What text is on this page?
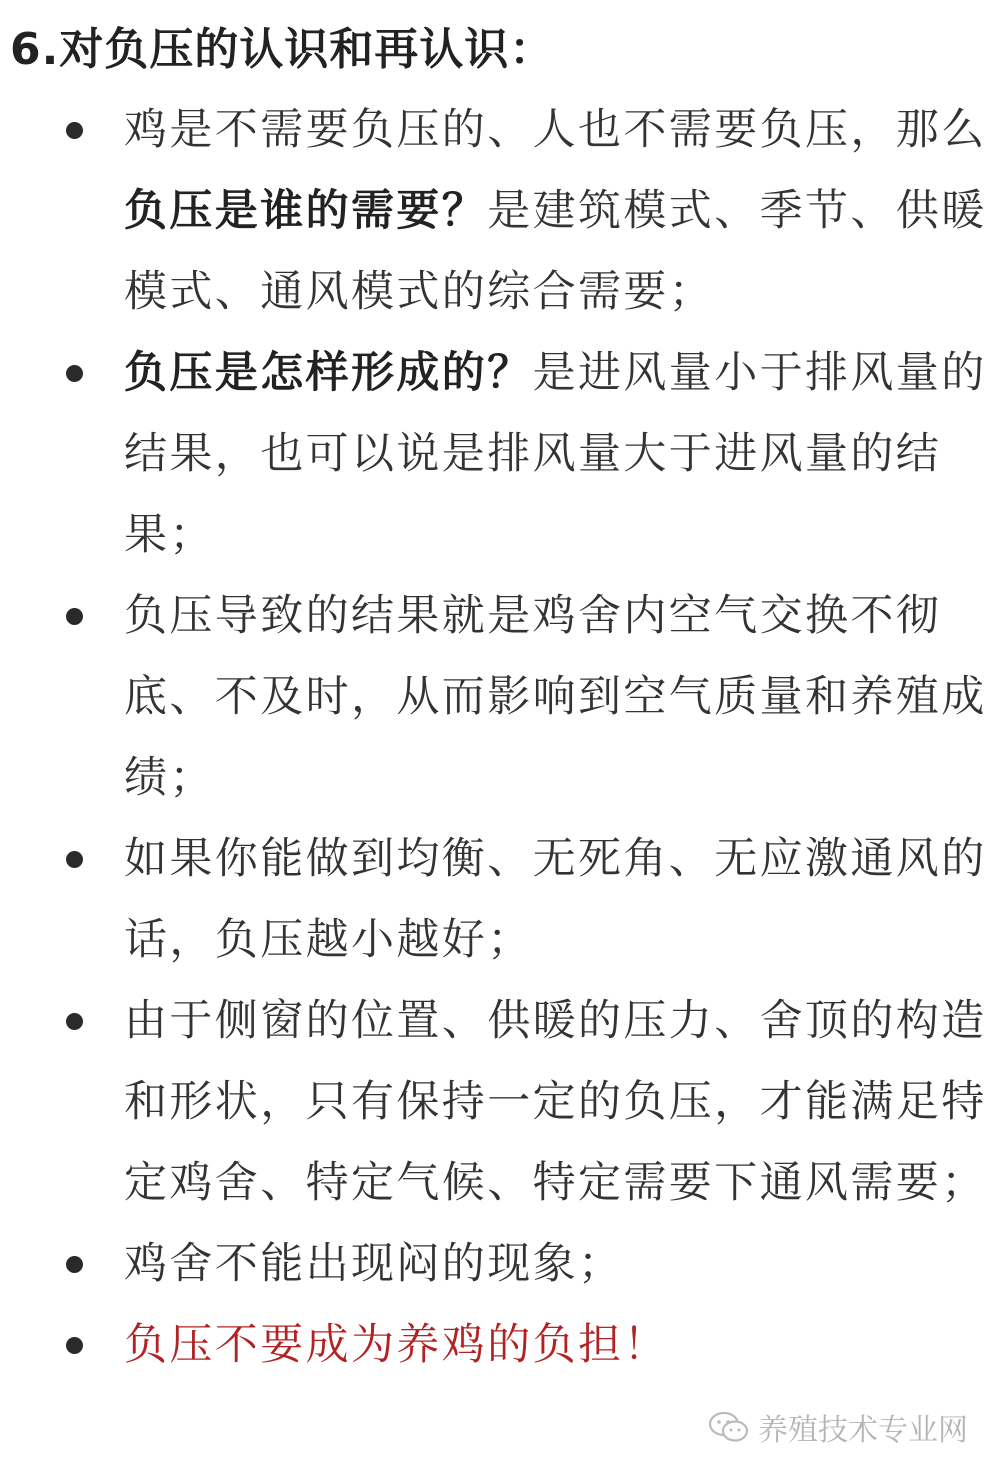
6.对负压的认识和再认识：
鸡是不需要负压的、人也不需要负压，那么负压是谁的需要？是建筑模式、季节、供暖模式、通风模式的综合需要；
负压是怎样形成的？是进风量小于排风量的结果，也可以说是排风量大于进风量的结果；
负压导致的结果就是鸡舍内空气交换不彻底、不及时，从而影响到空气质量和养殖成绩；
如果你能做到均衡、无死角、无应激通风的话，负压越小越好；
由于侧窗的位置、供暖的压力、舍顶的构造和形状，只有保持一定的负压，才能满足特定鸡舍、特定气候、特定需要下通风需要；
鸡舍不能出现闷的现象；
负压不要成为养鸡的负担！
养殖技术专业网
